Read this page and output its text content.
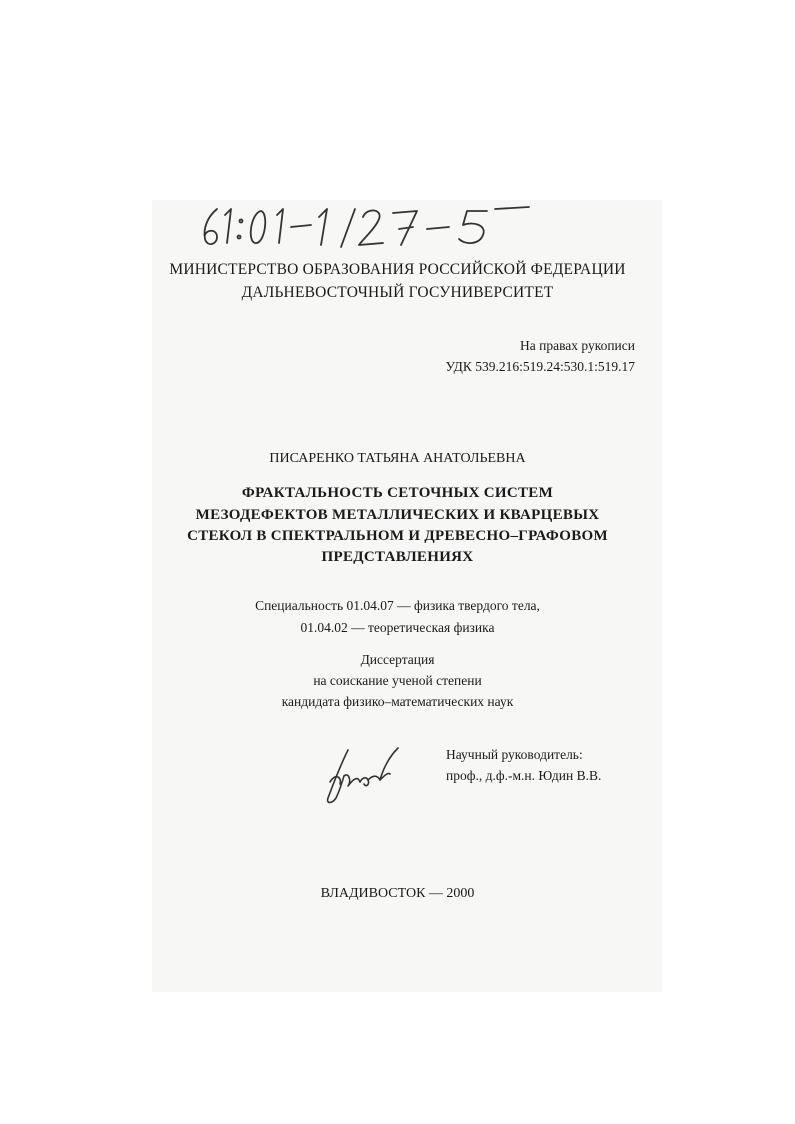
МИНИСТЕРСТВО ОБРАЗОВАНИЯ РОССИЙСКОЙ ФЕДЕРАЦИИ
ДАЛЬНЕВОСТОЧНЫЙ ГОСУНИВЕРСИТЕТ
На правах рукописи
УДК 539.216:519.24:530.1:519.17
ПИСАРЕНКО ТАТЬЯНА АНАТОЛЬЕВНА
ФРАКТАЛЬНОСТЬ СЕТОЧНЫХ СИСТЕМ
МЕЗОДЕФЕКТОВ МЕТАЛЛИЧЕСКИХ И КВАРЦЕВЫХ
СТЕКОЛ В СПЕКТРАЛЬНОМ И ДРЕВЕСНО–ГРАФОВОМ
ПРЕДСТАВЛЕНИЯХ
Специальность 01.04.07 — физика твердого тела,
01.04.02 — теоретическая физика
Диссертация
на соискание ученой степени
кандидата физико–математических наук
Научный руководитель:
проф., д.ф.-м.н. Юдин В.В.
ВЛАДИВОСТОК — 2000
